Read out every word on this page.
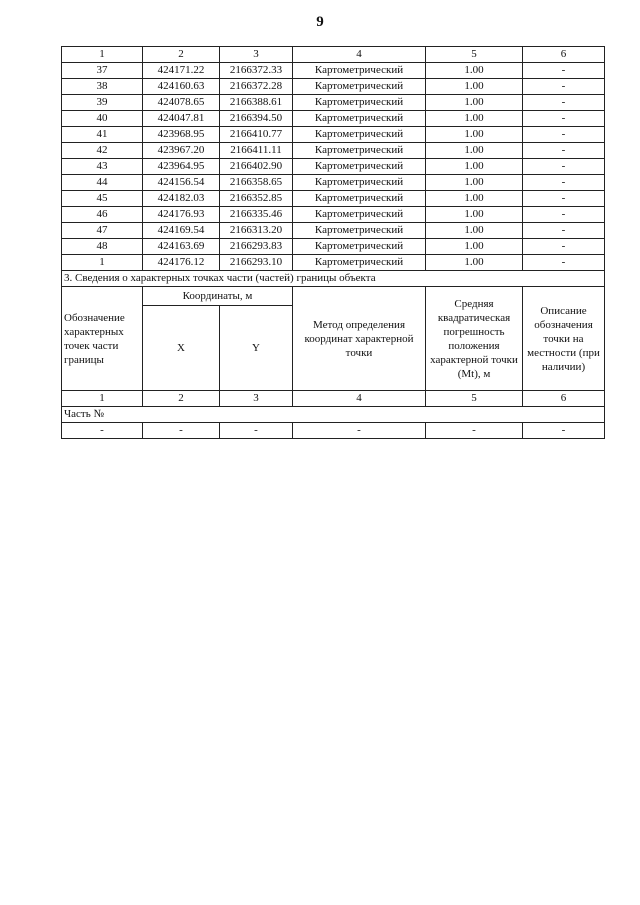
9
1	2	3	4	5	6
37	424171.22	2166372.33	Картометрический	1.00	-
38	424160.63	2166372.28	Картометрический	1.00	-
39	424078.65	2166388.61	Картометрический	1.00	-
40	424047.81	2166394.50	Картометрический	1.00	-
41	423968.95	2166410.77	Картометрический	1.00	-
42	423967.20	2166411.11	Картометрический	1.00	-
43	423964.95	2166402.90	Картометрический	1.00	-
44	424156.54	2166358.65	Картометрический	1.00	-
45	424182.03	2166352.85	Картометрический	1.00	-
46	424176.93	2166335.46	Картометрический	1.00	-
47	424169.54	2166313.20	Картометрический	1.00	-
48	424163.69	2166293.83	Картометрический	1.00	-
1	424176.12	2166293.10	Картометрический	1.00	-
3. Сведения о характерных точках части (частей) границы объекта					
Обозначение характерных точек части границы	Координаты, м		Метод определения координат характерной точки	Средняя квадратическая погрешность положения характерной точки (Mt), м	Описание обозначения точки на местности (при наличии)
	X	Y			
1	2	3	4	5	6
Часть №					
-	-	-	-	-	-
